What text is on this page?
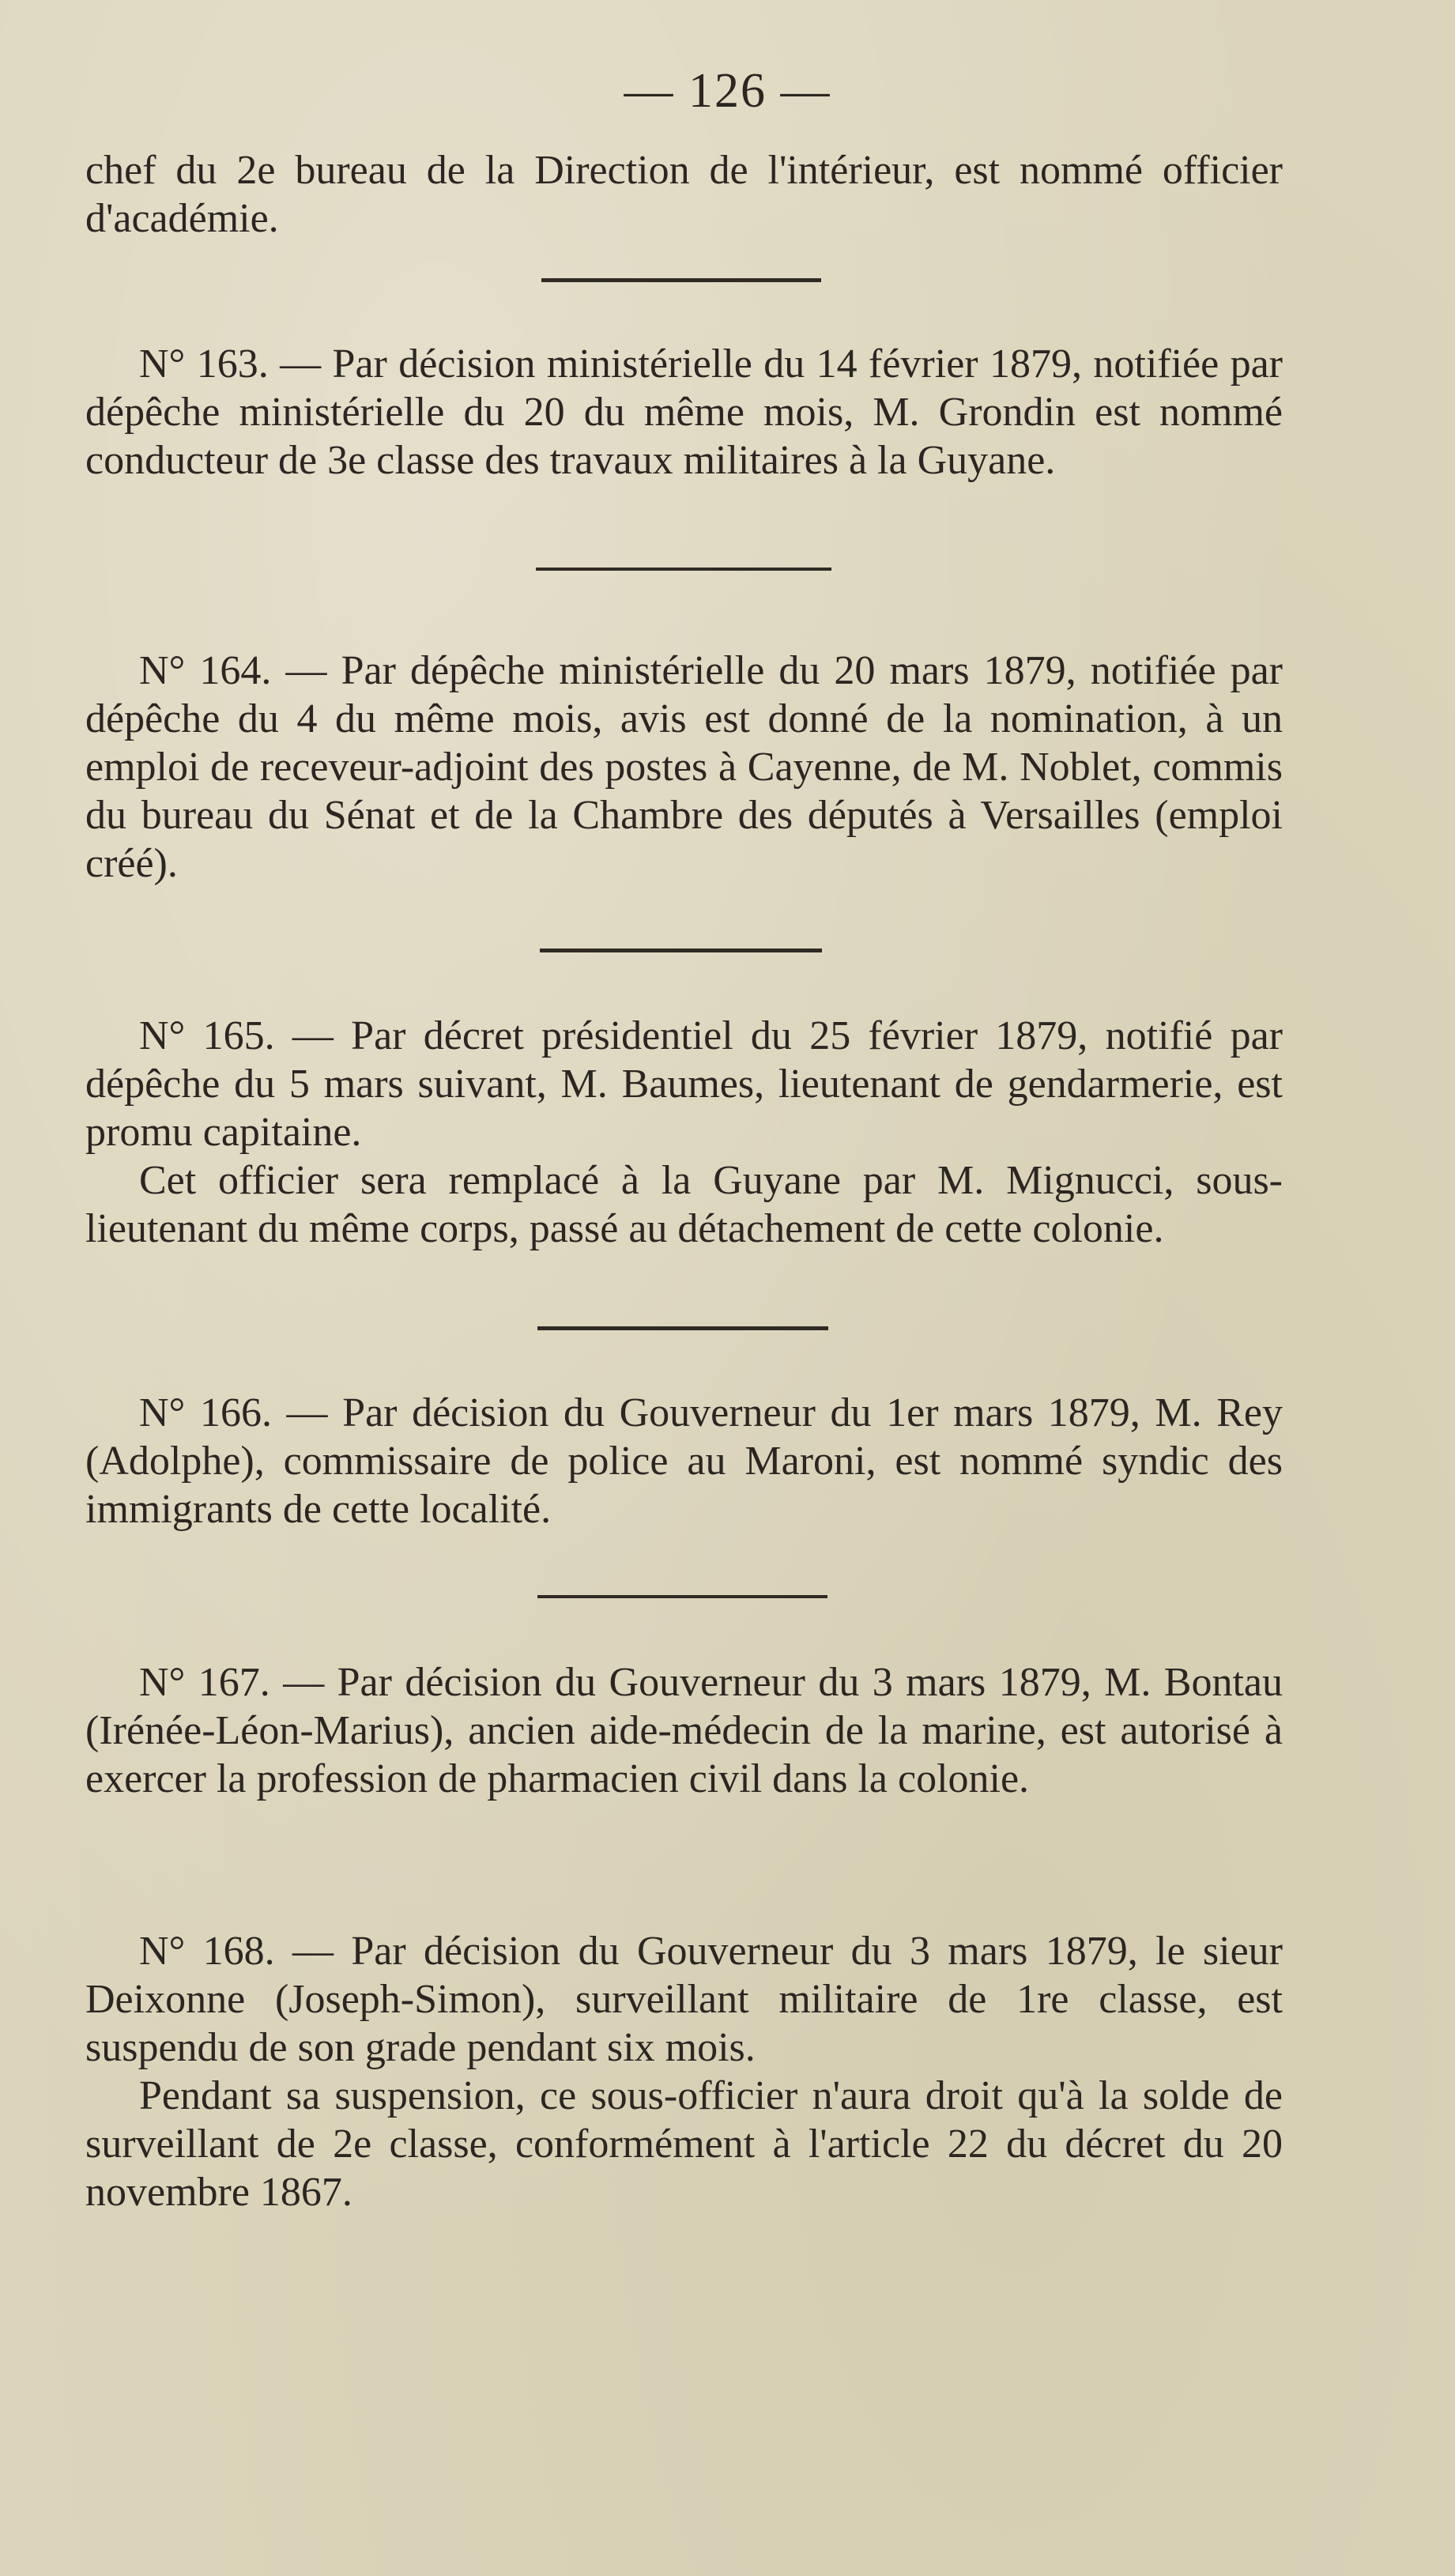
— 126 —

chef du 2e bureau de la Direction de l'intérieur, est nommé officier d'académie.

N° 163. — Par décision ministérielle du 14 février 1879, notifiée par dépêche ministérielle du 20 du même mois, M. Grondin est nommé conducteur de 3e classe des travaux militaires à la Guyane.

N° 164. — Par dépêche ministérielle du 20 mars 1879, notifiée par dépêche du 4 du même mois, avis est donné de la nomination, à un emploi de receveur-adjoint des postes à Cayenne, de M. Noblet, commis du bureau du Sénat et de la Chambre des députés à Versailles (emploi créé).

N° 165. — Par décret présidentiel du 25 février 1879, notifié par dépêche du 5 mars suivant, M. Baumes, lieutenant de gendarmerie, est promu capitaine.

Cet officier sera remplacé à la Guyane par M. Mignucci, sous-lieutenant du même corps, passé au détachement de cette colonie.

N° 166. — Par décision du Gouverneur du 1er mars 1879, M. Rey (Adolphe), commissaire de police au Maroni, est nommé syndic des immigrants de cette localité.

N° 167. — Par décision du Gouverneur du 3 mars 1879, M. Bontau (Irénée-Léon-Marius), ancien aide-médecin de la marine, est autorisé à exercer la profession de pharmacien civil dans la colonie.

N° 168. — Par décision du Gouverneur du 3 mars 1879, le sieur Deixonne (Joseph-Simon), surveillant militaire de 1re classe, est suspendu de son grade pendant six mois.

Pendant sa suspension, ce sous-officier n'aura droit qu'à la solde de surveillant de 2e classe, conformément à l'article 22 du décret du 20 novembre 1867.
